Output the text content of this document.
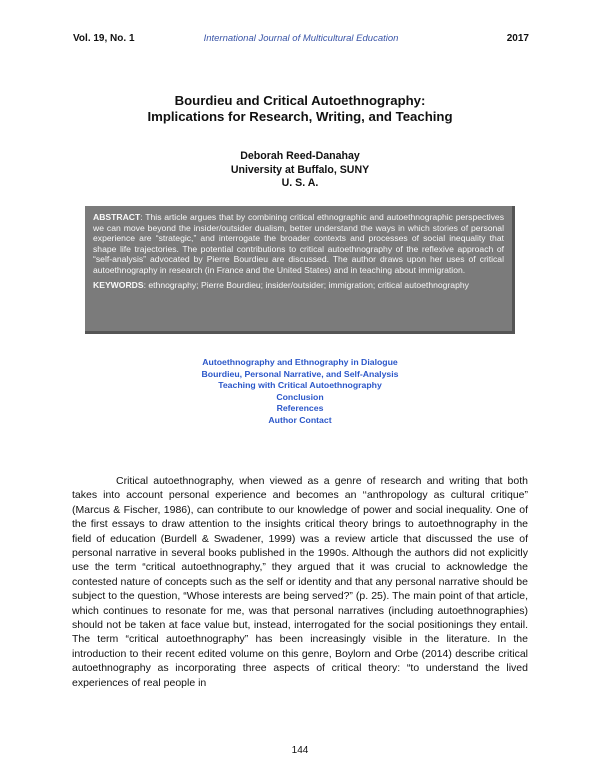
Vol. 19, No. 1	International Journal of Multicultural Education	2017
Bourdieu and Critical Autoethnography:
Implications for Research, Writing, and Teaching
Deborah Reed-Danahay
University at Buffalo, SUNY
U. S. A.

ABSTRACT: This article argues that by combining critical ethnographic and autoethnographic perspectives we can move beyond the insider/outsider dualism, better understand the ways in which stories of personal experience are “strategic,” and interrogate the broader contexts and processes of social inequality that shape life trajectories. The potential contributions to critical autoethnography of the reflexive approach of “self-analysis” advocated by Pierre Bourdieu are discussed. The author draws upon her uses of critical autoethnography in research (in France and the United States) and in teaching about immigration.

KEYWORDS: ethnography; Pierre Bourdieu; insider/outsider; immigration; critical autoethnography

Autoethnography and Ethnography in Dialogue
Bourdieu, Personal Narrative, and Self-Analysis
Teaching with Critical Autoethnography
Conclusion
References
Author Contact

Critical autoethnography, when viewed as a genre of research and writing that both takes into account personal experience and becomes an ‘‘anthropology as cultural critique” (Marcus & Fischer, 1986), can contribute to our knowledge of power and social inequality. One of the first essays to draw attention to the insights critical theory brings to autoethnography in the field of education (Burdell & Swadener, 1999) was a review article that discussed the use of personal narrative in several books published in the 1990s. Although the authors did not explicitly use the term “critical autoethnography,” they argued that it was crucial to acknowledge the contested nature of concepts such as the self or identity and that any personal narrative should be subject to the question, “Whose interests are being served?” (p. 25). The main point of that article, which continues to resonate for me, was that personal narratives (including autoethnographies) should not be taken at face value but, instead, interrogated for the social positionings they entail. The term “critical autoethnography” has been increasingly visible in the literature. In the introduction to their recent edited volume on this genre, Boylorn and Orbe (2014) describe critical autoethnography as incorporating three aspects of critical theory: “to understand the lived experiences of real people in

144
